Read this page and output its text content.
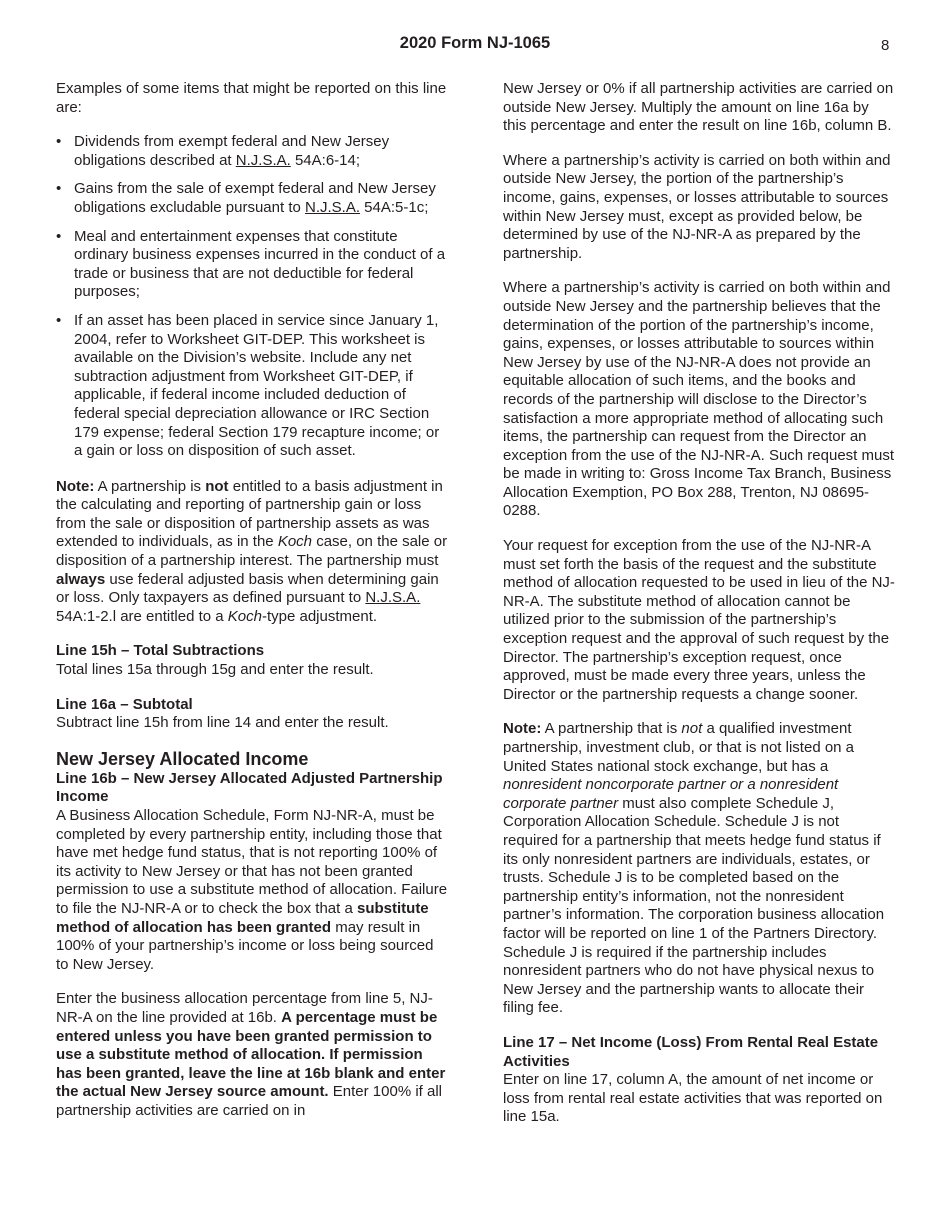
2020 Form NJ-1065	8

Examples of some items that might be reported on this line are:

• Dividends from exempt federal and New Jersey obligations described at N.J.S.A. 54A:6-14;
• Gains from the sale of exempt federal and New Jersey obligations excludable pursuant to N.J.S.A. 54A:5-1c;
• Meal and entertainment expenses that constitute ordinary business expenses incurred in the conduct of a trade or business that are not deductible for federal purposes;
• If an asset has been placed in service since January 1, 2004, refer to Worksheet GIT-DEP. This worksheet is available on the Division’s website. Include any net subtraction adjustment from Worksheet GIT-DEP, if applicable, if federal income included deduction of federal special depreciation allowance or IRC Section 179 expense; federal Section 179 recapture income; or a gain or loss on disposition of such asset.

Note: A partnership is not entitled to a basis adjustment in the calculating and reporting of partnership gain or loss from the sale or disposition of partnership assets as was extended to individuals, as in the Koch case, on the sale or disposition of a partnership interest. The partnership must always use federal adjusted basis when determining gain or loss. Only taxpayers as defined pursuant to N.J.S.A. 54A:1-2.l are entitled to a Koch-type adjustment.

Line 15h – Total Subtractions
Total lines 15a through 15g and enter the result.
Line 16a – Subtotal
Subtract line 15h from line 14 and enter the result.
New Jersey Allocated Income
Line 16b – New Jersey Allocated Adjusted Partnership Income

A Business Allocation Schedule, Form NJ-NR-A, must be completed by every partnership entity, including those that have met hedge fund status, that is not reporting 100% of its activity to New Jersey or that has not been granted permission to use a substitute method of allocation. Failure to file the NJ-NR-A or to check the box that a substitute method of allocation has been granted may result in 100% of your partnership’s income or loss being sourced to New Jersey.

Enter the business allocation percentage from line 5, NJ-NR-A on the line provided at 16b. A percentage must be entered unless you have been granted permission to use a substitute method of allocation. If permission has been granted, leave the line at 16b blank and enter the actual New Jersey source amount. Enter 100% if all partnership activities are carried on in

New Jersey or 0% if all partnership activities are carried on outside New Jersey. Multiply the amount on line 16a by this percentage and enter the result on line 16b, column B.

Where a partnership’s activity is carried on both within and outside New Jersey, the portion of the partnership’s income, gains, expenses, or losses attributable to sources within New Jersey must, except as provided below, be determined by use of the NJ-NR-A as prepared by the partnership.

Where a partnership’s activity is carried on both within and outside New Jersey and the partnership believes that the determination of the portion of the partnership’s income, gains, expenses, or losses attributable to sources within New Jersey by use of the NJ-NR-A does not provide an equitable allocation of such items, and the books and records of the partnership will disclose to the Director’s satisfaction a more appropriate method of allocating such items, the partnership can request from the Director an exception from the use of the NJ-NR-A. Such request must be made in writing to: Gross Income Tax Branch, Business Allocation Exemption, PO Box 288, Trenton, NJ 08695-0288.

Your request for exception from the use of the NJ-NR-A must set forth the basis of the request and the substitute method of allocation requested to be used in lieu of the NJ-NR-A. The substitute method of allocation cannot be utilized prior to the submission of the partnership’s exception request and the approval of such request by the Director. The partnership’s exception request, once approved, must be made every three years, unless the Director or the partnership requests a change sooner.

Note: A partnership that is not a qualified investment partnership, investment club, or that is not listed on a United States national stock exchange, but has a nonresident noncorporate partner or a nonresident corporate partner must also complete Schedule J, Corporation Allocation Schedule. Schedule J is not required for a partnership that meets hedge fund status if its only nonresident partners are individuals, estates, or trusts. Schedule J is to be completed based on the partnership entity’s information, not the nonresident partner’s information. The corporation business allocation factor will be reported on line 1 of the Partners Directory. Schedule J is required if the partnership includes nonresident partners who do not have physical nexus to New Jersey and the partnership wants to allocate their filing fee.

Line 17 – Net Income (Loss) From Rental Real Estate Activities
Enter on line 17, column A, the amount of net income or loss from rental real estate activities that was reported on line 15a.
